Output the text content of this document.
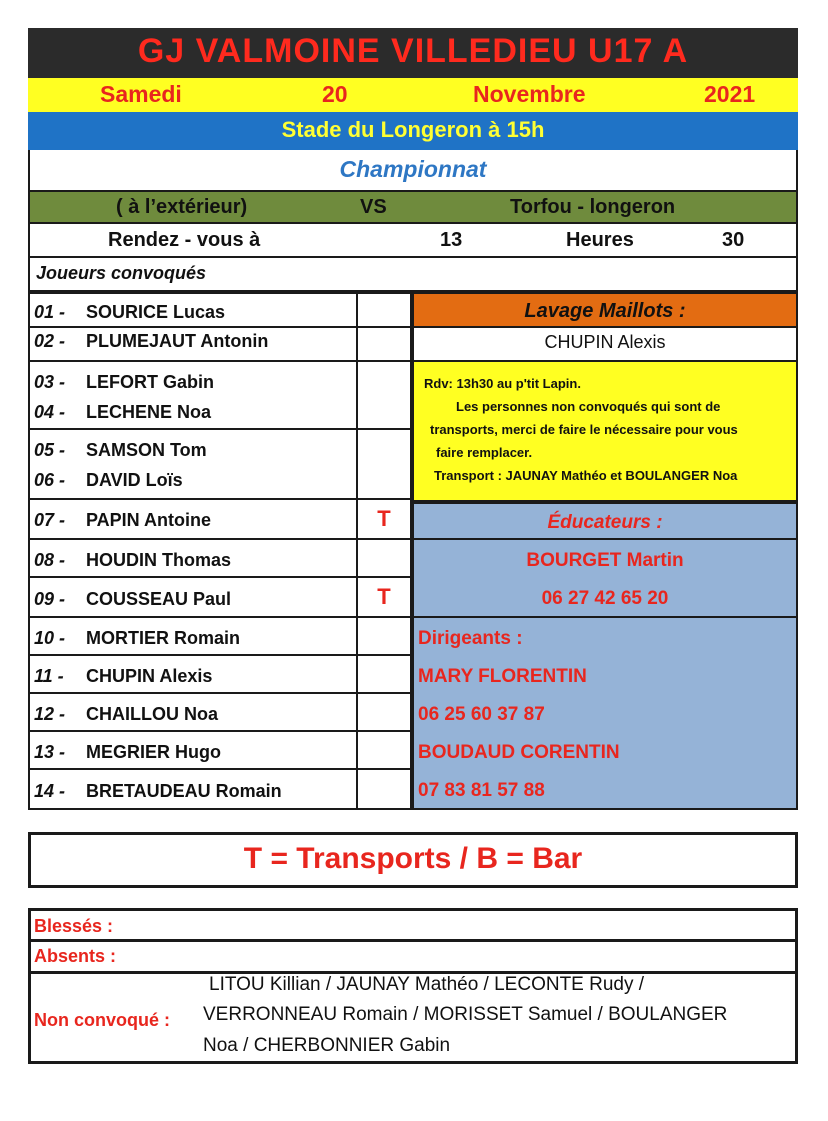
GJ VALMOINE VILLEDIEU U17 A
Samedi	20	Novembre	2021
Stade du Longeron à 15h
Championnat
( à l’extérieur)	VS	Torfou - longeron
Rendez - vous à	13	Heures	30
Joueurs convoqués
01 - SOURICE Lucas
02 - PLUMEJAUT Antonin
03 - LEFORT Gabin
04 - LECHENE Noa
05 - SAMSON Tom
06 - DAVID Loïs
07 - PAPIN Antoine	T
08 - HOUDIN Thomas
09 - COUSSEAU Paul	T
10 - MORTIER Romain
11 - CHUPIN Alexis
12 - CHAILLOU Noa
13 - MEGRIER Hugo
14 - BRETAUDEAU Romain
Lavage Maillots :
CHUPIN Alexis
Rdv: 13h30 au p'tit Lapin.
Les personnes non convoqués qui sont de
transports, merci de faire le nécessaire pour vous
faire remplacer.
Transport : JAUNAY Mathéo et BOULANGER Noa
Éducateurs :
BOURGET Martin
06 27 42 65 20
Dirigeants :
MARY FLORENTIN
06 25 60 37 87
BOUDAUD CORENTIN
07 83 81 57 88
T = Transports / B = Bar
Blessés :
Absents :
Non convoqué :
LITOU Killian / JAUNAY Mathéo / LECONTE Rudy /
VERRONNEAU Romain / MORISSET Samuel / BOULANGER
Noa / CHERBONNIER Gabin
